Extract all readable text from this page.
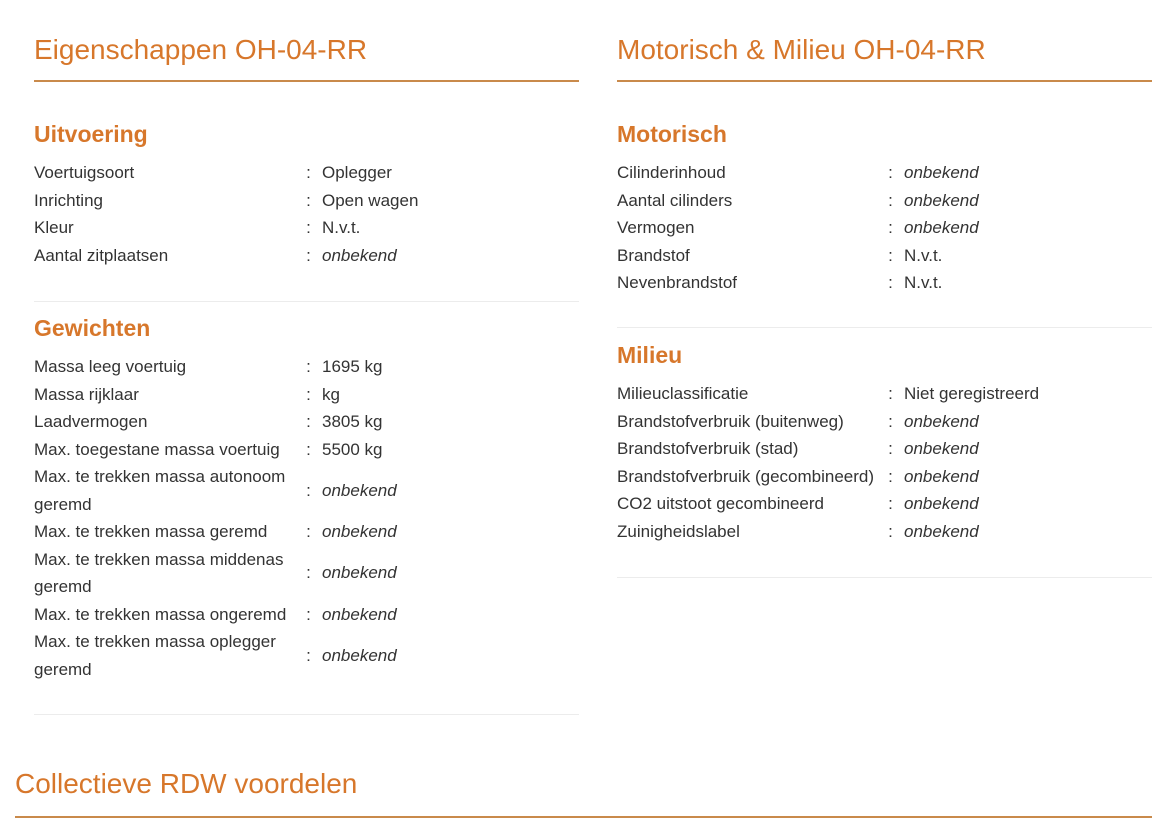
Eigenschappen OH-04-RR
Uitvoering
Voertuigsoort	:	Oplegger
Inrichting	:	Open wagen
Kleur	:	N.v.t.
Aantal zitplaatsen	:	onbekend
Gewichten
Massa leeg voertuig	:	1695 kg
Massa rijklaar	:	kg
Laadvermogen	:	3805 kg
Max. toegestane massa voertuig	:	5500 kg
Max. te trekken massa autonoom geremd	:	onbekend
Max. te trekken massa geremd	:	onbekend
Max. te trekken massa middenas geremd	:	onbekend
Max. te trekken massa ongeremd	:	onbekend
Max. te trekken massa oplegger geremd	:	onbekend
Motorisch & Milieu OH-04-RR
Motorisch
Cilinderinhoud	:	onbekend
Aantal cilinders	:	onbekend
Vermogen	:	onbekend
Brandstof	:	N.v.t.
Nevenbrandstof	:	N.v.t.
Milieu
Milieuclassificatie	:	Niet geregistreerd
Brandstofverbruik (buitenweg)	:	onbekend
Brandstofverbruik (stad)	:	onbekend
Brandstofverbruik (gecombineerd)	:	onbekend
CO2 uitstoot gecombineerd	:	onbekend
Zuinigheidslabel	:	onbekend
Collectieve RDW voordelen
